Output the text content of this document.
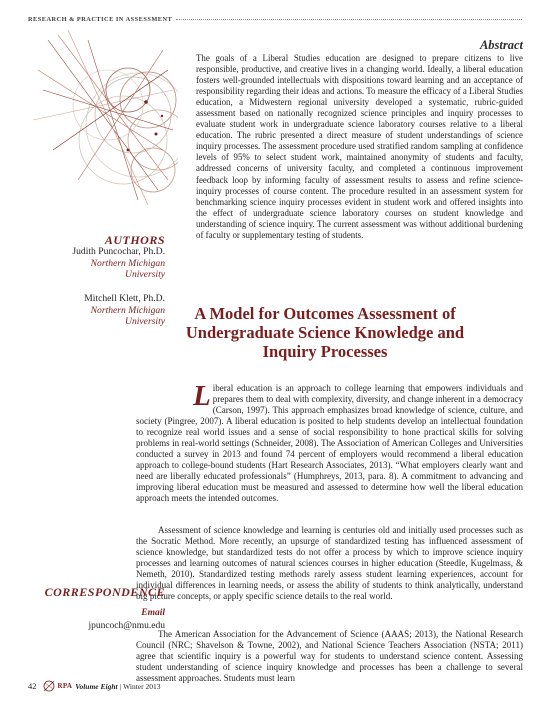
RESEARCH & PRACTICE IN ASSESSMENT
Abstract
The goals of a Liberal Studies education are designed to prepare citizens to live responsible, productive, and creative lives in a changing world. Ideally, a liberal education fosters well-grounded intellectuals with dispositions toward learning and an acceptance of responsibility regarding their ideas and actions. To measure the efficacy of a Liberal Studies education, a Midwestern regional university developed a systematic, rubric-guided assessment based on nationally recognized science principles and inquiry processes to evaluate student work in undergraduate science laboratory courses relative to a liberal education. The rubric presented a direct measure of student understandings of science inquiry processes. The assessment procedure used stratified random sampling at confidence levels of 95% to select student work, maintained anonymity of students and faculty, addressed concerns of university faculty, and completed a continuous improvement feedback loop by informing faculty of assessment results to assess and refine science-inquiry processes of course content. The procedure resulted in an assessment system for benchmarking science inquiry processes evident in student work and offered insights into the effect of undergraduate science laboratory courses on student knowledge and understanding of science inquiry. The current assessment was without additional burdening of faculty or supplementary testing of students.
AUTHORS
Judith Puncochar, Ph.D.
Northern Michigan
University
Mitchell Klett, Ph.D.
Northern Michigan
University	A Model for Outcomes Assessment of Undergraduate Science Knowledge and Inquiry Processes
Liberal education is an approach to college learning that empowers individuals and prepares them to deal with complexity, diversity, and change inherent in a democracy (Carson, 1997). This approach emphasizes broad knowledge of science, culture, and society (Pingree, 2007). A liberal education is posited to help students develop an intellectual foundation to recognize real world issues and a sense of social responsibility to hone practical skills for solving problems in real-world settings (Schneider, 2008). The Association of American Colleges and Universities conducted a survey in 2013 and found 74 percent of employers would recommend a liberal education approach to college-bound students (Hart Research Associates, 2013). “What employers clearly want and need are liberally educated professionals” (Humphreys, 2013, para. 8). A commitment to advancing and improving liberal education must be measured and assessed to determine how well the liberal education approach meets the intended outcomes.
Assessment of science knowledge and learning is centuries old and initially used processes such as the Socratic Method. More recently, an upsurge of standardized testing has influenced assessment of science knowledge, but standardized tests do not offer a process by which to improve science inquiry processes and learning outcomes of natural sciences courses in higher education (Steedle, Kugelmass, & Nemeth, 2010). Standardized testing methods rarely assess student learning experiences, account for individual differences in learning needs, or assess the ability of students to think analytically, understand big picture concepts, or apply specific science details to the real world.
The American Association for the Advancement of Science (AAAS; 2013), the National Research Council (NRC; Shavelson & Towne, 2002), and National Science Teachers Association (NSTA; 2011) agree that scientific inquiry is a powerful way for students to understand science content. Assessing student understanding of science inquiry knowledge and processes has been a challenge to several assessment approaches. Students must learn
CORRESPONDENCE
Email
jpuncoch@nmu.edu
42	RPA Volume Eight | Winter 2013
